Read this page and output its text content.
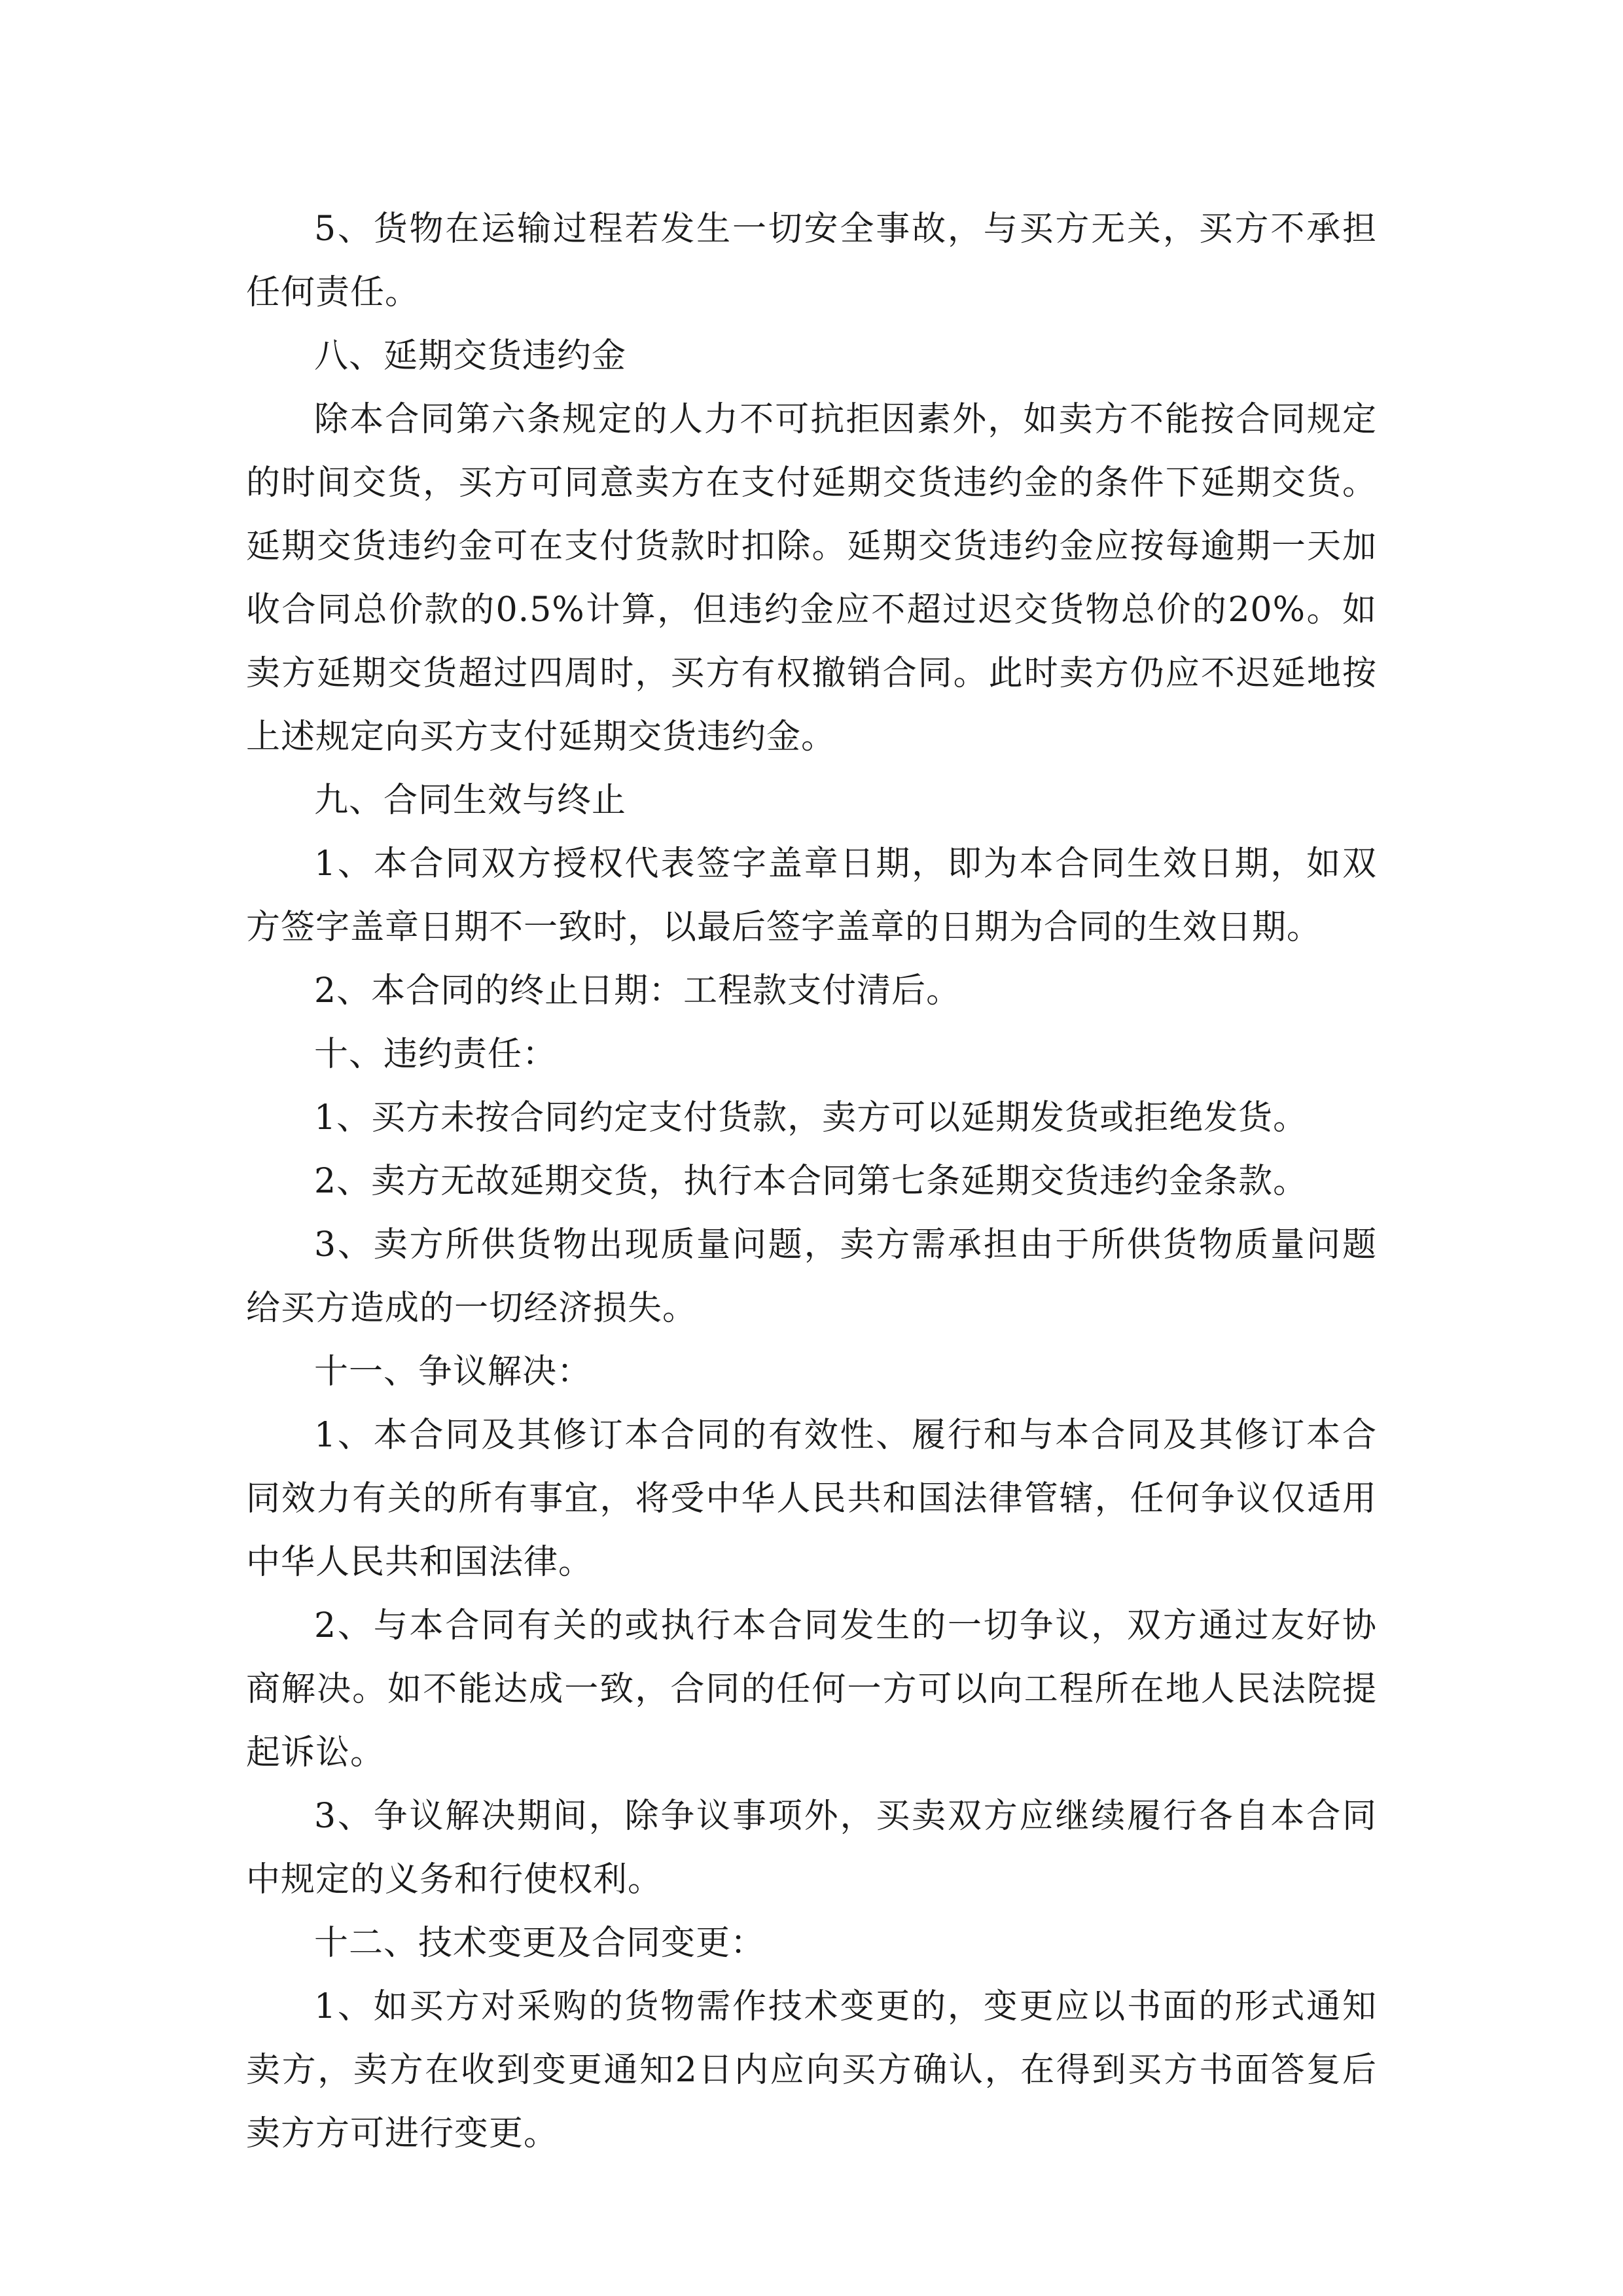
5、货物在运输过程若发生一切安全事故，与买方无关，买方不承担任何责任。

八、延期交货违约金

除本合同第六条规定的人力不可抗拒因素外，如卖方不能按合同规定的时间交货，买方可同意卖方在支付延期交货违约金的条件下延期交货。延期交货违约金可在支付货款时扣除。延期交货违约金应按每逾期一天加收合同总价款的0.5%计算，但违约金应不超过迟交货物总价的20%。如卖方延期交货超过四周时，买方有权撤销合同。此时卖方仍应不迟延地按上述规定向买方支付延期交货违约金。

九、合同生效与终止

1、本合同双方授权代表签字盖章日期，即为本合同生效日期，如双方签字盖章日期不一致时，以最后签字盖章的日期为合同的生效日期。

2、本合同的终止日期：工程款支付清后。

十、违约责任：

1、买方未按合同约定支付货款，卖方可以延期发货或拒绝发货。

2、卖方无故延期交货，执行本合同第七条延期交货违约金条款。

3、卖方所供货物出现质量问题，卖方需承担由于所供货物质量问题给买方造成的一切经济损失。

十一、争议解决：

1、本合同及其修订本合同的有效性、履行和与本合同及其修订本合同效力有关的所有事宜，将受中华人民共和国法律管辖，任何争议仅适用中华人民共和国法律。

2、与本合同有关的或执行本合同发生的一切争议，双方通过友好协商解决。如不能达成一致，合同的任何一方可以向工程所在地人民法院提起诉讼。

3、争议解决期间，除争议事项外，买卖双方应继续履行各自本合同中规定的义务和行使权利。

十二、技术变更及合同变更：

1、如买方对采购的货物需作技术变更的，变更应以书面的形式通知卖方，卖方在收到变更通知2日内应向买方确认，在得到买方书面答复后卖方方可进行变更。
